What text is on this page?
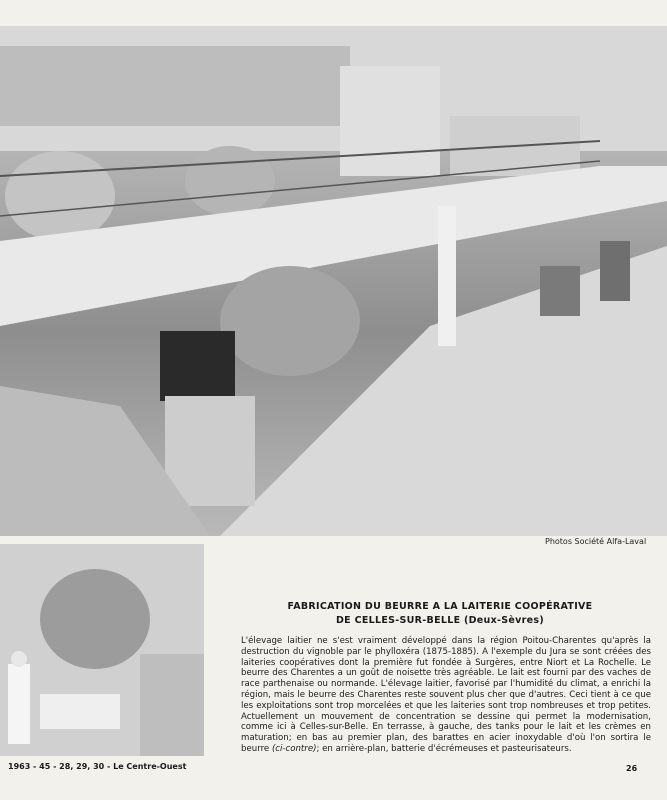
Photos Société Alfa-Laval
FABRICATION DU BEURRE A LA LAITERIE COOPÉRATIVE
DE CELLES-SUR-BELLE (Deux-Sèvres)
L'élevage laitier ne s'est vraiment développé dans la région Poitou-Charentes qu'après la destruction du vignoble par le phylloxéra (1875-1885). A l'exemple du Jura se sont créées des laiteries coopératives dont la première fut fondée à Surgères, entre Niort et La Rochelle. Le beurre des Charentes a un goût de noisette très agréable. Le lait est fourni par des vaches de race parthenaise ou normande. L'élevage laitier, favorisé par l'humidité du climat, a enrichi la région, mais le beurre des Charentes reste souvent plus cher que d'autres. Ceci tient à ce que les exploitations sont trop morcelées et que les laiteries sont trop nombreuses et trop petites. Actuellement un mouvement de concentration se dessine qui permet la modernisation, comme ici à Celles-sur-Belle. En terrasse, à gauche, des tanks pour le lait et les crèmes en maturation; en bas au premier plan, des barattes en acier inoxydable d'où l'on sortira le beurre (ci-contre); en arrière-plan, batterie d'écrémeuses et pasteurisateurs.
1963 - 45 - 28, 29, 30 - Le Centre-Ouest	26
